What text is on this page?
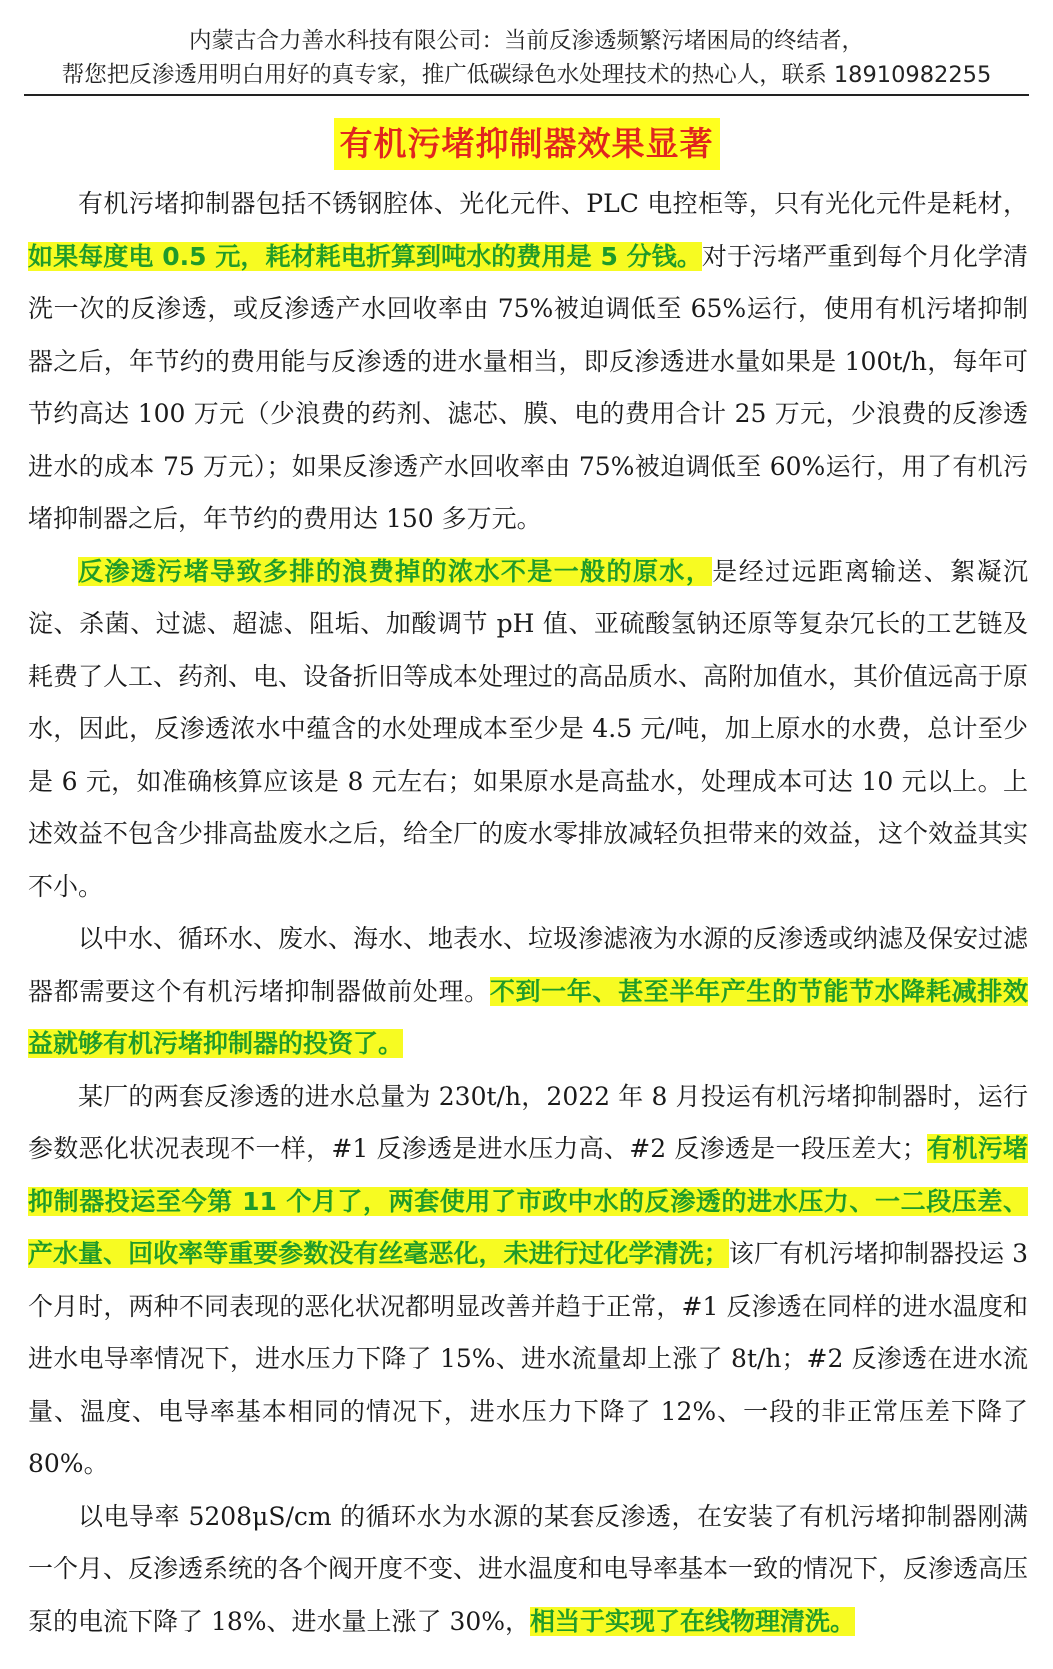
内蒙古合力善水科技有限公司：当前反渗透频繁污堵困局的终结者，
帮您把反渗透用明白用好的真专家，推广低碳绿色水处理技术的热心人，联系 18910982255
有机污堵抑制器效果显著

有机污堵抑制器包括不锈钢腔体、光化元件、PLC 电控柜等，只有光化元件是耗材，如果每度电 0.5 元，耗材耗电折算到吨水的费用是 5 分钱。对于污堵严重到每个月化学清洗一次的反渗透，或反渗透产水回收率由 75%被迫调低至 65%运行，使用有机污堵抑制器之后，年节约的费用能与反渗透的进水量相当，即反渗透进水量如果是 100t/h，每年可节约高达 100 万元（少浪费的药剂、滤芯、膜、电的费用合计 25 万元，少浪费的反渗透进水的成本 75 万元）；如果反渗透产水回收率由 75%被迫调低至 60%运行，用了有机污堵抑制器之后，年节约的费用达 150 多万元。

反渗透污堵导致多排的浪费掉的浓水不是一般的原水，是经过远距离输送、絮凝沉淀、杀菌、过滤、超滤、阻垢、加酸调节 pH 值、亚硫酸氢钠还原等复杂冗长的工艺链及耗费了人工、药剂、电、设备折旧等成本处理过的高品质水、高附加值水，其价值远高于原水，因此，反渗透浓水中蕴含的水处理成本至少是 4.5 元/吨，加上原水的水费，总计至少是 6 元，如准确核算应该是 8 元左右；如果原水是高盐水，处理成本可达 10 元以上。上述效益不包含少排高盐废水之后，给全厂的废水零排放减轻负担带来的效益，这个效益其实不小。

以中水、循环水、废水、海水、地表水、垃圾渗滤液为水源的反渗透或纳滤及保安过滤器都需要这个有机污堵抑制器做前处理。不到一年、甚至半年产生的节能节水降耗减排效益就够有机污堵抑制器的投资了。

某厂的两套反渗透的进水总量为 230t/h，2022 年 8 月投运有机污堵抑制器时，运行参数恶化状况表现不一样，#1 反渗透是进水压力高、#2 反渗透是一段压差大；有机污堵抑制器投运至今第 11 个月了，两套使用了市政中水的反渗透的进水压力、一二段压差、产水量、回收率等重要参数没有丝毫恶化，未进行过化学清洗；该厂有机污堵抑制器投运 3 个月时，两种不同表现的恶化状况都明显改善并趋于正常，#1 反渗透在同样的进水温度和进水电导率情况下，进水压力下降了 15%、进水流量却上涨了 8t/h；#2 反渗透在进水流量、温度、电导率基本相同的情况下，进水压力下降了 12%、一段的非正常压差下降了 80%。

以电导率 5208μS/cm 的循环水为水源的某套反渗透，在安装了有机污堵抑制器刚满一个月、反渗透系统的各个阀开度不变、进水温度和电导率基本一致的情况下，反渗透高压泵的电流下降了 18%、进水量上涨了 30%，相当于实现了在线物理清洗。
